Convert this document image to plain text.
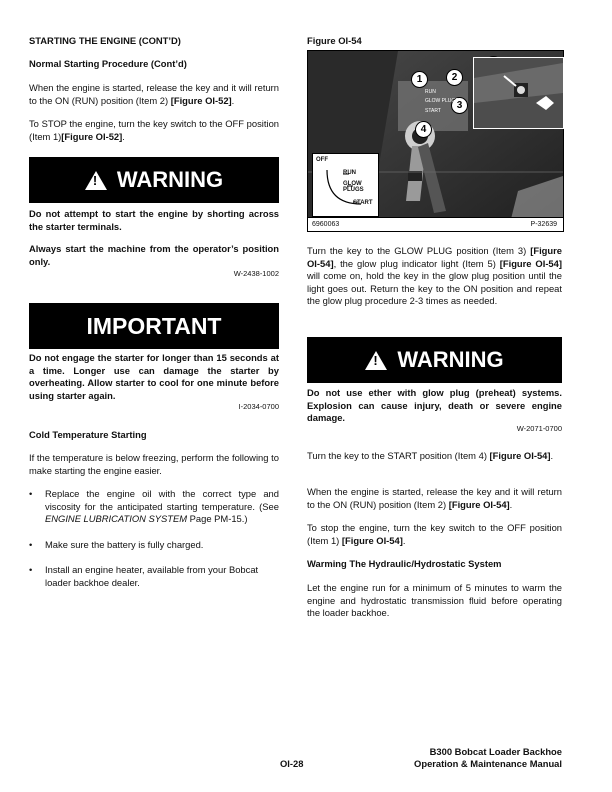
STARTING THE ENGINE (CONT’D)
Normal Starting Procedure (Cont’d)

When the engine is started, release the key and it will return to the ON (RUN) position (Item 2) [Figure OI-52].

To STOP the engine, turn the key switch to the OFF position (Item 1)[Figure OI-52].

! WARNING

Do not attempt to start the engine by shorting across the starter terminals.

Always start the machine from the operator’s position only.

W-2438-1002
IMPORTANT

Do not engage the starter for longer than 15 seconds at a time. Longer use can damage the starter by overheating. Allow starter to cool for one minute before using starter again.

I-2034-0700
Cold Temperature Starting

If the temperature is below freezing, perform the following to make starting the engine easier.

• Replace the engine oil with the correct type and viscosity for the anticipated starting temperature. (See ENGINE LUBRICATION SYSTEM Page PM-15.)
• Make sure the battery is fully charged.
• Install an engine heater, available from your Bobcat loader backhoe dealer.
Figure OI-54
1	2
3
4
RUN
GLOW PLUGS
START
OFF
RUN
GLOW PLUGS
START
6960063	P-32639

Turn the key to the GLOW PLUG position (Item 3) [Figure OI-54], the glow plug indicator light (Item 5) [Figure OI-54] will come on, hold the key in the glow plug position until the light goes out. Return the key to the ON position and repeat the glow plug procedure 2-3 times as needed.

! WARNING

Do not use ether with glow plug (preheat) systems. Explosion can cause injury, death or severe engine damage.

W-2071-0700

Turn the key to the START position (Item 4) [Figure OI-54].

When the engine is started, release the key and it will return to the ON (RUN) position (Item 2) [Figure OI-54].

To stop the engine, turn the key switch to the OFF position (Item 1) [Figure OI-54].

Warming The Hydraulic/Hydrostatic System

Let the engine run for a minimum of 5 minutes to warm the engine and hydrostatic transmission fluid before operating the loader backhoe.

OI-28
B300 Bobcat Loader Backhoe
Operation & Maintenance Manual
